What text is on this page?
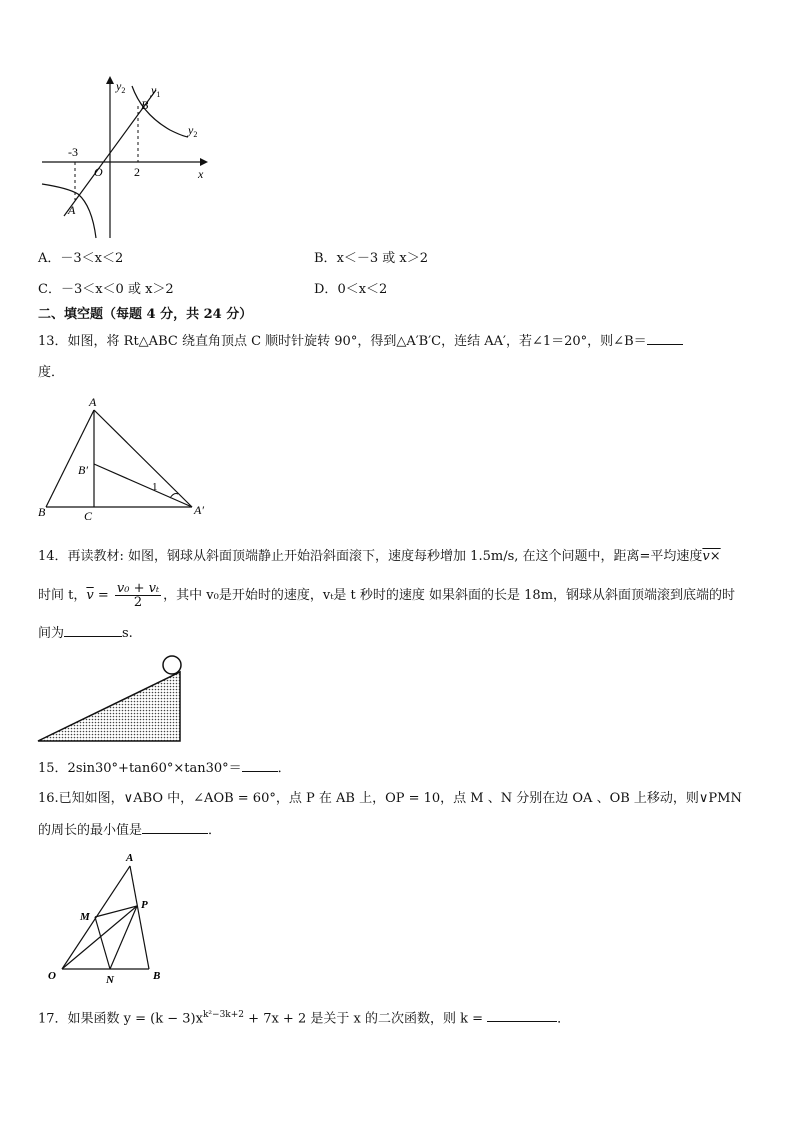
$y_2$ $y_1$
$y_2$
B
A
O	x
-3
2
A．－3＜x＜2	B．x＜－3 或 x＞2
C．－3＜x＜0 或 x＞2	D．0＜x＜2
二、填空题（每题 4 分，共 24 分）
13．如图，将 Rt△ABC 绕直角顶点 C 顺时针旋转 90°，得到△A′B′C，连结 AA′，若∠1＝20°，则∠B＝
度．
A
B′
1
B	C	A′
14．再读教材: 如图，钢球从斜面顶端静止开始沿斜面滚下，速度每秒增加 1.5m/s, 在这个问题中，距离=平均速度v×
时间 t，$\overline{v} = \frac{\text{v₀ + vₜ}}{2}$ ，其中 v₀是开始时的速度，vₜ是 t 秒时的速度 如果斜面的长是 18m，钢球从斜面顶端滚到底端的时
间为	s.
15．2sin30°+tan60°×tan30°＝	．
16.已知如图，∨ABO 中，∠AOB = 60°，点 P 在 AB 上，OP = 10，点 M 、N 分别在边 OA 、OB 上移动，则∨PMN
的周长的最小值是	．
A
M
P
O	N	B
17．如果函数 $y = (k - 3)x^{k^2-3k+2} + 7x + 2$ 是关于 x 的二次函数，则 k =	．
